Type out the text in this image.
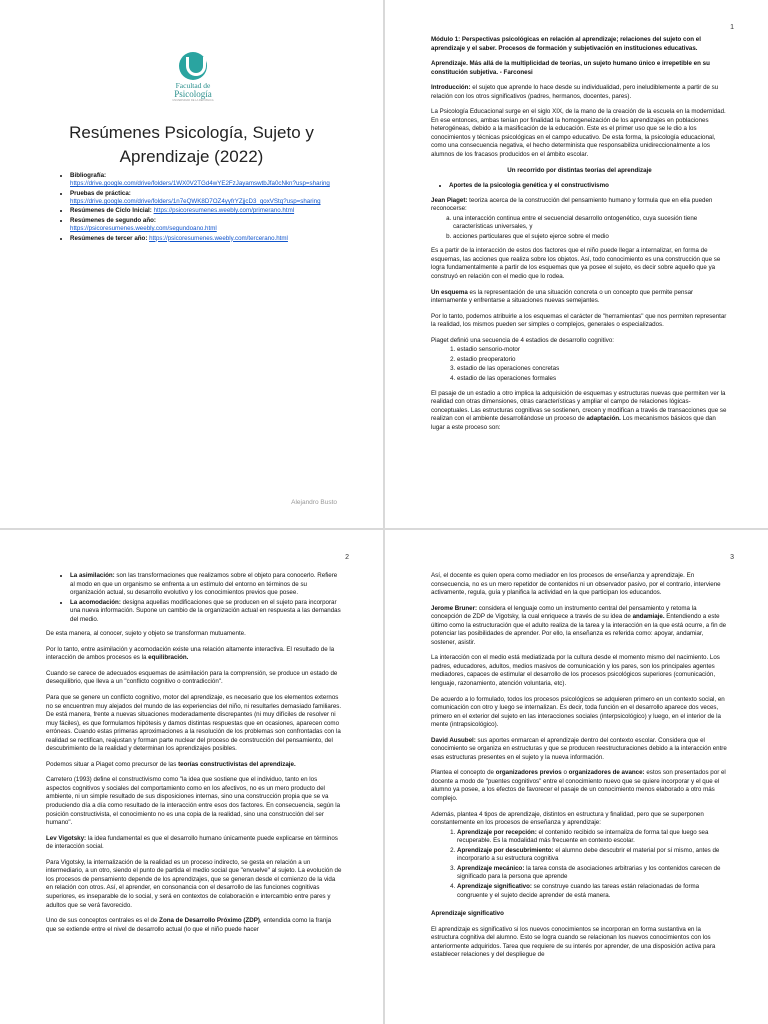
Facultad de
Psicología
UNIVERSIDAD DE LA REPÚBLICA
Resúmenes Psicología, Sujeto y Aprendizaje (2022)
• Bibliografía:
https://drive.google.com/drive/folders/1WX0V2TGd4wYE2FzJayamswtbJfa0cNkn?usp=sharing
• Pruebas de práctica:
https://drive.google.com/drive/folders/1n7eQWK8D7OZ4yyfrYZjjcD3_qoxVStq?usp=sharing
• Resúmenes de Ciclo Inicial: https://psicoresumenes.weebly.com/primerano.html
• Resúmenes de segundo año:
https://psicoresumenes.weebly.com/segundoano.html
• Resúmenes de tercer año: https://psicoresumenes.weebly.com/tercerano.html
Alejandro Busto
1

Módulo 1: Perspectivas psicológicas en relación al aprendizaje; relaciones del sujeto con el aprendizaje y el saber. Procesos de formación y subjetivación en instituciones educativas.

Aprendizaje. Más allá de la multiplicidad de teorías, un sujeto humano único e irrepetible en su constitución subjetiva. - Farconesi

Introducción: el sujeto que aprende lo hace desde su individualidad, pero ineludiblemente a partir de su relación con los otros significativos (padres, hermanos, docentes, pares).

La Psicología Educacional surge en el siglo XIX, de la mano de la creación de la escuela en la modernidad. En ese entonces, ambas tenían por finalidad la homogeneización de los aprendizajes en poblaciones heterogéneas, debido a la masificación de la educación. Este es el primer uso que se le dio a los conocimientos y técnicas psicológicas en el campo educativo. De esta forma, la psicología educacional, como una consecuencia negativa, el hecho determinista que responsabiliza unidireccionalmente a los alumnos de los fracasos producidos en el ámbito escolar.

Un recorrido por distintas teorías del aprendizaje

• Aportes de la psicología genética y el constructivismo

Jean Piaget: teoriza acerca de la construcción del pensamiento humano y formula que en ella pueden reconocerse:

a. una interacción continua entre el secuencial desarrollo ontogenético, cuya sucesión tiene características universales, y
b. acciones particulares que el sujeto ejerce sobre el medio

Es a partir de la interacción de estos dos factores que el niño puede llegar a internalizar, en forma de esquemas, las acciones que realiza sobre los objetos. Así, todo conocimiento es una construcción que se logra fundamentalmente a partir de los esquemas que ya posee el sujeto, es decir sobre aquello que ya construyó en relación con el medio que lo rodea.

Un esquema es la representación de una situación concreta o un concepto que permite pensar internamente y enfrentarse a situaciones nuevas semejantes.

Por lo tanto, podemos atribuirle a los esquemas el carácter de "herramientas" que nos permiten representar la realidad, los mismos pueden ser simples o complejos, generales o especializados.

Piaget definió una secuencia de 4 estadios de desarrollo cognitivo:

1. estadio sensorio-motor
2. estadio preoperatorio
3. estadio de las operaciones concretas
4. estadio de las operaciones formales

El pasaje de un estadio a otro implica la adquisición de esquemas y estructuras nuevas que permiten ver la realidad con otras dimensiones, otras características y ampliar el campo de relaciones lógicas-conceptuales. Las estructuras cognitivas se sostienen, crecen y modifican a través de transacciones que se realizan con el ambiente desarrollándose un proceso de adaptación. Los mecanismos básicos que dan lugar a este proceso son:

2
• La asimilación: son las transformaciones que realizamos sobre el objeto para conocerlo. Refiere al modo en que un organismo se enfrenta a un estímulo del entorno en términos de su organización actual, su desarrollo evolutivo y los conocimientos previos que posee.
• La acomodación: designa aquellas modificaciones que se producen en el sujeto para incorporar una nueva información. Supone un cambio de la organización actual en respuesta a las demandas del medio.

De esta manera, al conocer, sujeto y objeto se transforman mutuamente.

Por lo tanto, entre asimilación y acomodación existe una relación altamente interactiva. El resultado de la interacción de ambos procesos es la equilibración.

Cuando se carece de adecuados esquemas de asimilación para la comprensión, se produce un estado de desequilibrio, que lleva a un "conflicto cognitivo o contradicción".

Para que se genere un conflicto cognitivo, motor del aprendizaje, es necesario que los elementos externos no se encuentren muy alejados del mundo de las experiencias del niño, ni resultarles demasiado familiares. De está manera, frente a nuevas situaciones moderadamente discrepantes (ni muy difíciles de resolver ni muy fáciles), es que formulamos hipótesis y damos distintas respuestas que en ocasiones, aparecen como erróneas. Cuando estas primeras aproximaciones a la resolución de los problemas son confrontadas con la realidad se rectifican, reajustan y forman parte nuclear del proceso de construcción del pensamiento, del descubrimiento de la realidad y determinan los aprendizajes posibles.

Podemos situar a Piaget como precursor de las teorías constructivistas del aprendizaje.

Carretero (1993) define el constructivismo como "la idea que sostiene que el individuo, tanto en los aspectos cognitivos y sociales del comportamiento como en los afectivos, no es un mero producto del ambiente, ni un simple resultado de sus disposiciones internas, sino una construcción propia que se va produciendo día a día como resultado de la interacción entre esos dos factores. En consecuencia, según la posición constructivista, el conocimiento no es una copia de la realidad, sino una construcción del ser humano".

Lev Vigotsky: la idea fundamental es que el desarrollo humano únicamente puede explicarse en términos de interacción social.

Para Vigotsky, la internalización de la realidad es un proceso indirecto, se gesta en relación a un intermediario, a un otro, siendo el punto de partida el medio social que "envuelve" al sujeto. La evolución de los procesos de pensamiento depende de los aprendizajes, que se generan desde el comienzo de la vida en relación con otros. Así, el aprender, en consonancia con el desarrollo de las funciones cognitivas superiores, es inseparable de lo social, y será en contextos de colaboración e intercambio entre pares y adultos que se verá favorecido.

Uno de sus conceptos centrales es el de Zona de Desarrollo Próximo (ZDP), entendida como la franja que se extiende entre el nivel de desarrollo actual (lo que el niño puede hacer

3

Así, el docente es quien opera como mediador en los procesos de enseñanza y aprendizaje. En consecuencia, no es un mero repetidor de contenidos ni un observador pasivo, por el contrario, interviene activamente, regula, guía y planifica la actividad en la que participan los educandos.

Jerome Bruner: considera el lenguaje como un instrumento central del pensamiento y retoma la concepción de ZDP de Vigotsky, la cual enriquece a través de su idea de andamiaje. Entendiendo a este último como la estructuración que el adulto realiza de la tarea y la interacción en la que está ocurre, a fin de potenciar las posibilidades de aprender. Por ello, la enseñanza es referida como: apoyar, andamiar, sostener, asistir.

La interacción con el medio está mediatizada por la cultura desde el momento mismo del nacimiento. Los padres, educadores, adultos, medios masivos de comunicación y los pares, son los principales agentes mediadores, capaces de estimular el desarrollo de los procesos psicológicos superiores (comunicación, lenguaje, razonamiento, atención voluntaria, etc).

De acuerdo a lo formulado, todos los procesos psicológicos se adquieren primero en un contexto social, en comunicación con otro y luego se internalizan. Es decir, toda función en el desarrollo aparece dos veces, primero en el exterior del sujeto en las interacciones sociales (interpsicológico) y luego, en el interior de la mente (intrapsicológico).

David Ausubel: sus aportes enmarcan el aprendizaje dentro del contexto escolar. Considera que el conocimiento se organiza en estructuras y que se producen reestructuraciones debido a la interacción entre esas estructuras presentes en el sujeto y la nueva información.

Plantea el concepto de organizadores previos o organizadores de avance: estos son presentados por el docente a modo de "puentes cognitivos" entre el conocimiento nuevo que se quiere incorporar y el que el alumno ya posee, a los efectos de favorecer el pasaje de un conocimiento menos elaborado a otro más complejo.

Además, plantea 4 tipos de aprendizaje, distintos en estructura y finalidad, pero que se superponen constantemente en los procesos de enseñanza y aprendizaje:

1. Aprendizaje por recepción: el contenido recibido se internaliza de forma tal que luego sea recuperable. Es la modalidad más frecuente en contexto escolar.
2. Aprendizaje por descubrimiento: el alumno debe descubrir el material por sí mismo, antes de incorporarlo a su estructura cognitiva
3. Aprendizaje mecánico: la tarea consta de asociaciones arbitrarias y los contenidos carecen de significado para la persona que aprende
4. Aprendizaje significativo: se construye cuando las tareas están relacionadas de forma congruente y el sujeto decide aprender de está manera.

Aprendizaje significativo

El aprendizaje es significativo si los nuevos conocimientos se incorporan en forma sustantiva en la estructura cognitiva del alumno. Esto se logra cuando se relacionan los nuevos conocimientos con los anteriormente adquiridos. Tarea que requiere de su interés por aprender, de una disposición activa para establecer relaciones y del despliegue de
